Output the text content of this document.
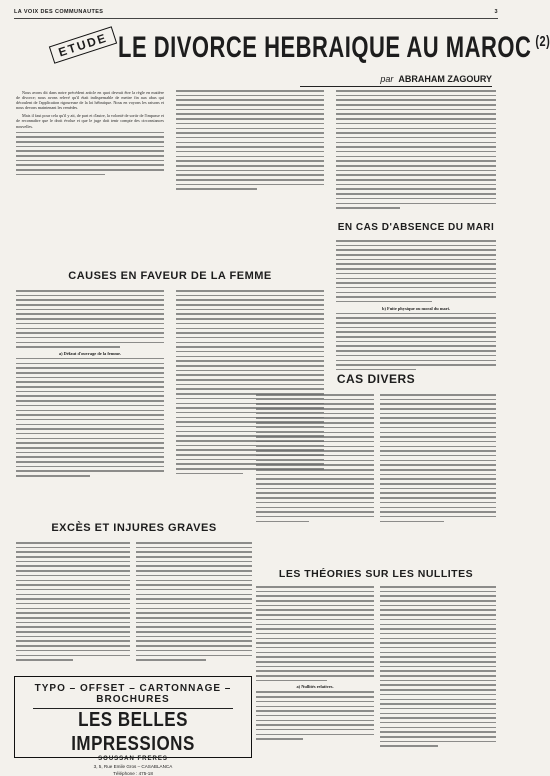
LA VOIX DES COMMUNAUTES	3
ETUDE LE DIVORCE HEBRAIQUE AU MAROC $^{(2)}$
par ABRAHAM ZAGOURY

Nous avons dit dans notre précédent article en quoi devrait être la règle en matière de divorce; nous avons relevé qu'il était indispensable de mettre fin aux abus qui découlent de l'application rigoureuse de la loi hébraïque. Nous en voyons les raisons et nous devons maintenant les remèdes.

Mais il faut pour cela qu'il y ait, de part et d'autre, la volonté de sortir de l'impasse et de reconnaître que le droit évolue et que le juge doit tenir compte des circonstances nouvelles.

CAUSES EN FAVEUR DE LA FEMME
a) Défaut d'ouvrage de la femme.
EN CAS D'ABSENCE DU MARI
b) Fuite physique ou moral du mari.
CAS DIVERS
EXCÈS ET INJURES GRAVES
LES THÉORIES SUR LES NULLITES
a) Nullités relatives.
TYPO – OFFSET – CARTONNAGE – BROCHURES
LES BELLES IMPRESSIONS
SOUSSAN FRERES
3, 5, Rue Emile Gros – CASABLANCA
Téléphone : 475-18
